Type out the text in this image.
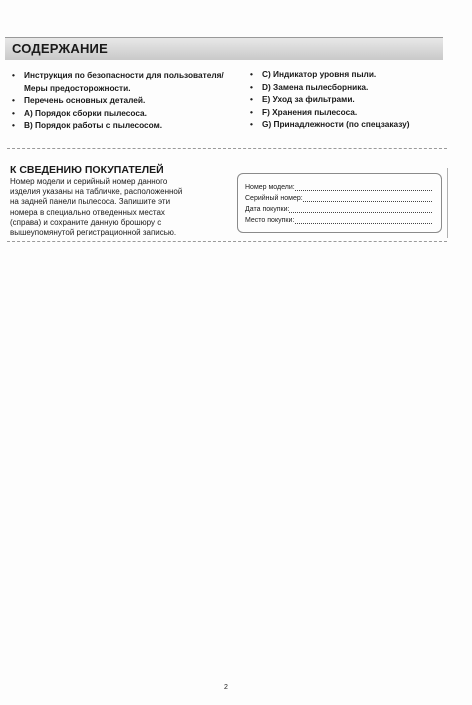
СОДЕРЖАНИЕ
• Инструкция по безопасности для пользователя/Меры предосторожности.
• Перечень основных деталей.
• А) Порядок сборки пылесоса.
• В) Порядок работы с пылесосом.
• С) Индикатор уровня пыли.
• D) Замена пылесборника.
• E) Уход за фильтрами.
• F) Хранения пылесоса.
• G) Принадлежности (по спецзаказу)
К СВЕДЕНИЮ ПОКУПАТЕЛЕЙ
Номер модели и серийный номер данного
изделия указаны на табличке, расположенной
на задней панели пылесоса. Запишите эти
номера в специально отведенных местах
(справа) и сохраните данную брошюру с
вышеупомянутой регистрационной записью.
Номер модели:
Серийный номер:
Дата покупки:
Место покупки:
2
